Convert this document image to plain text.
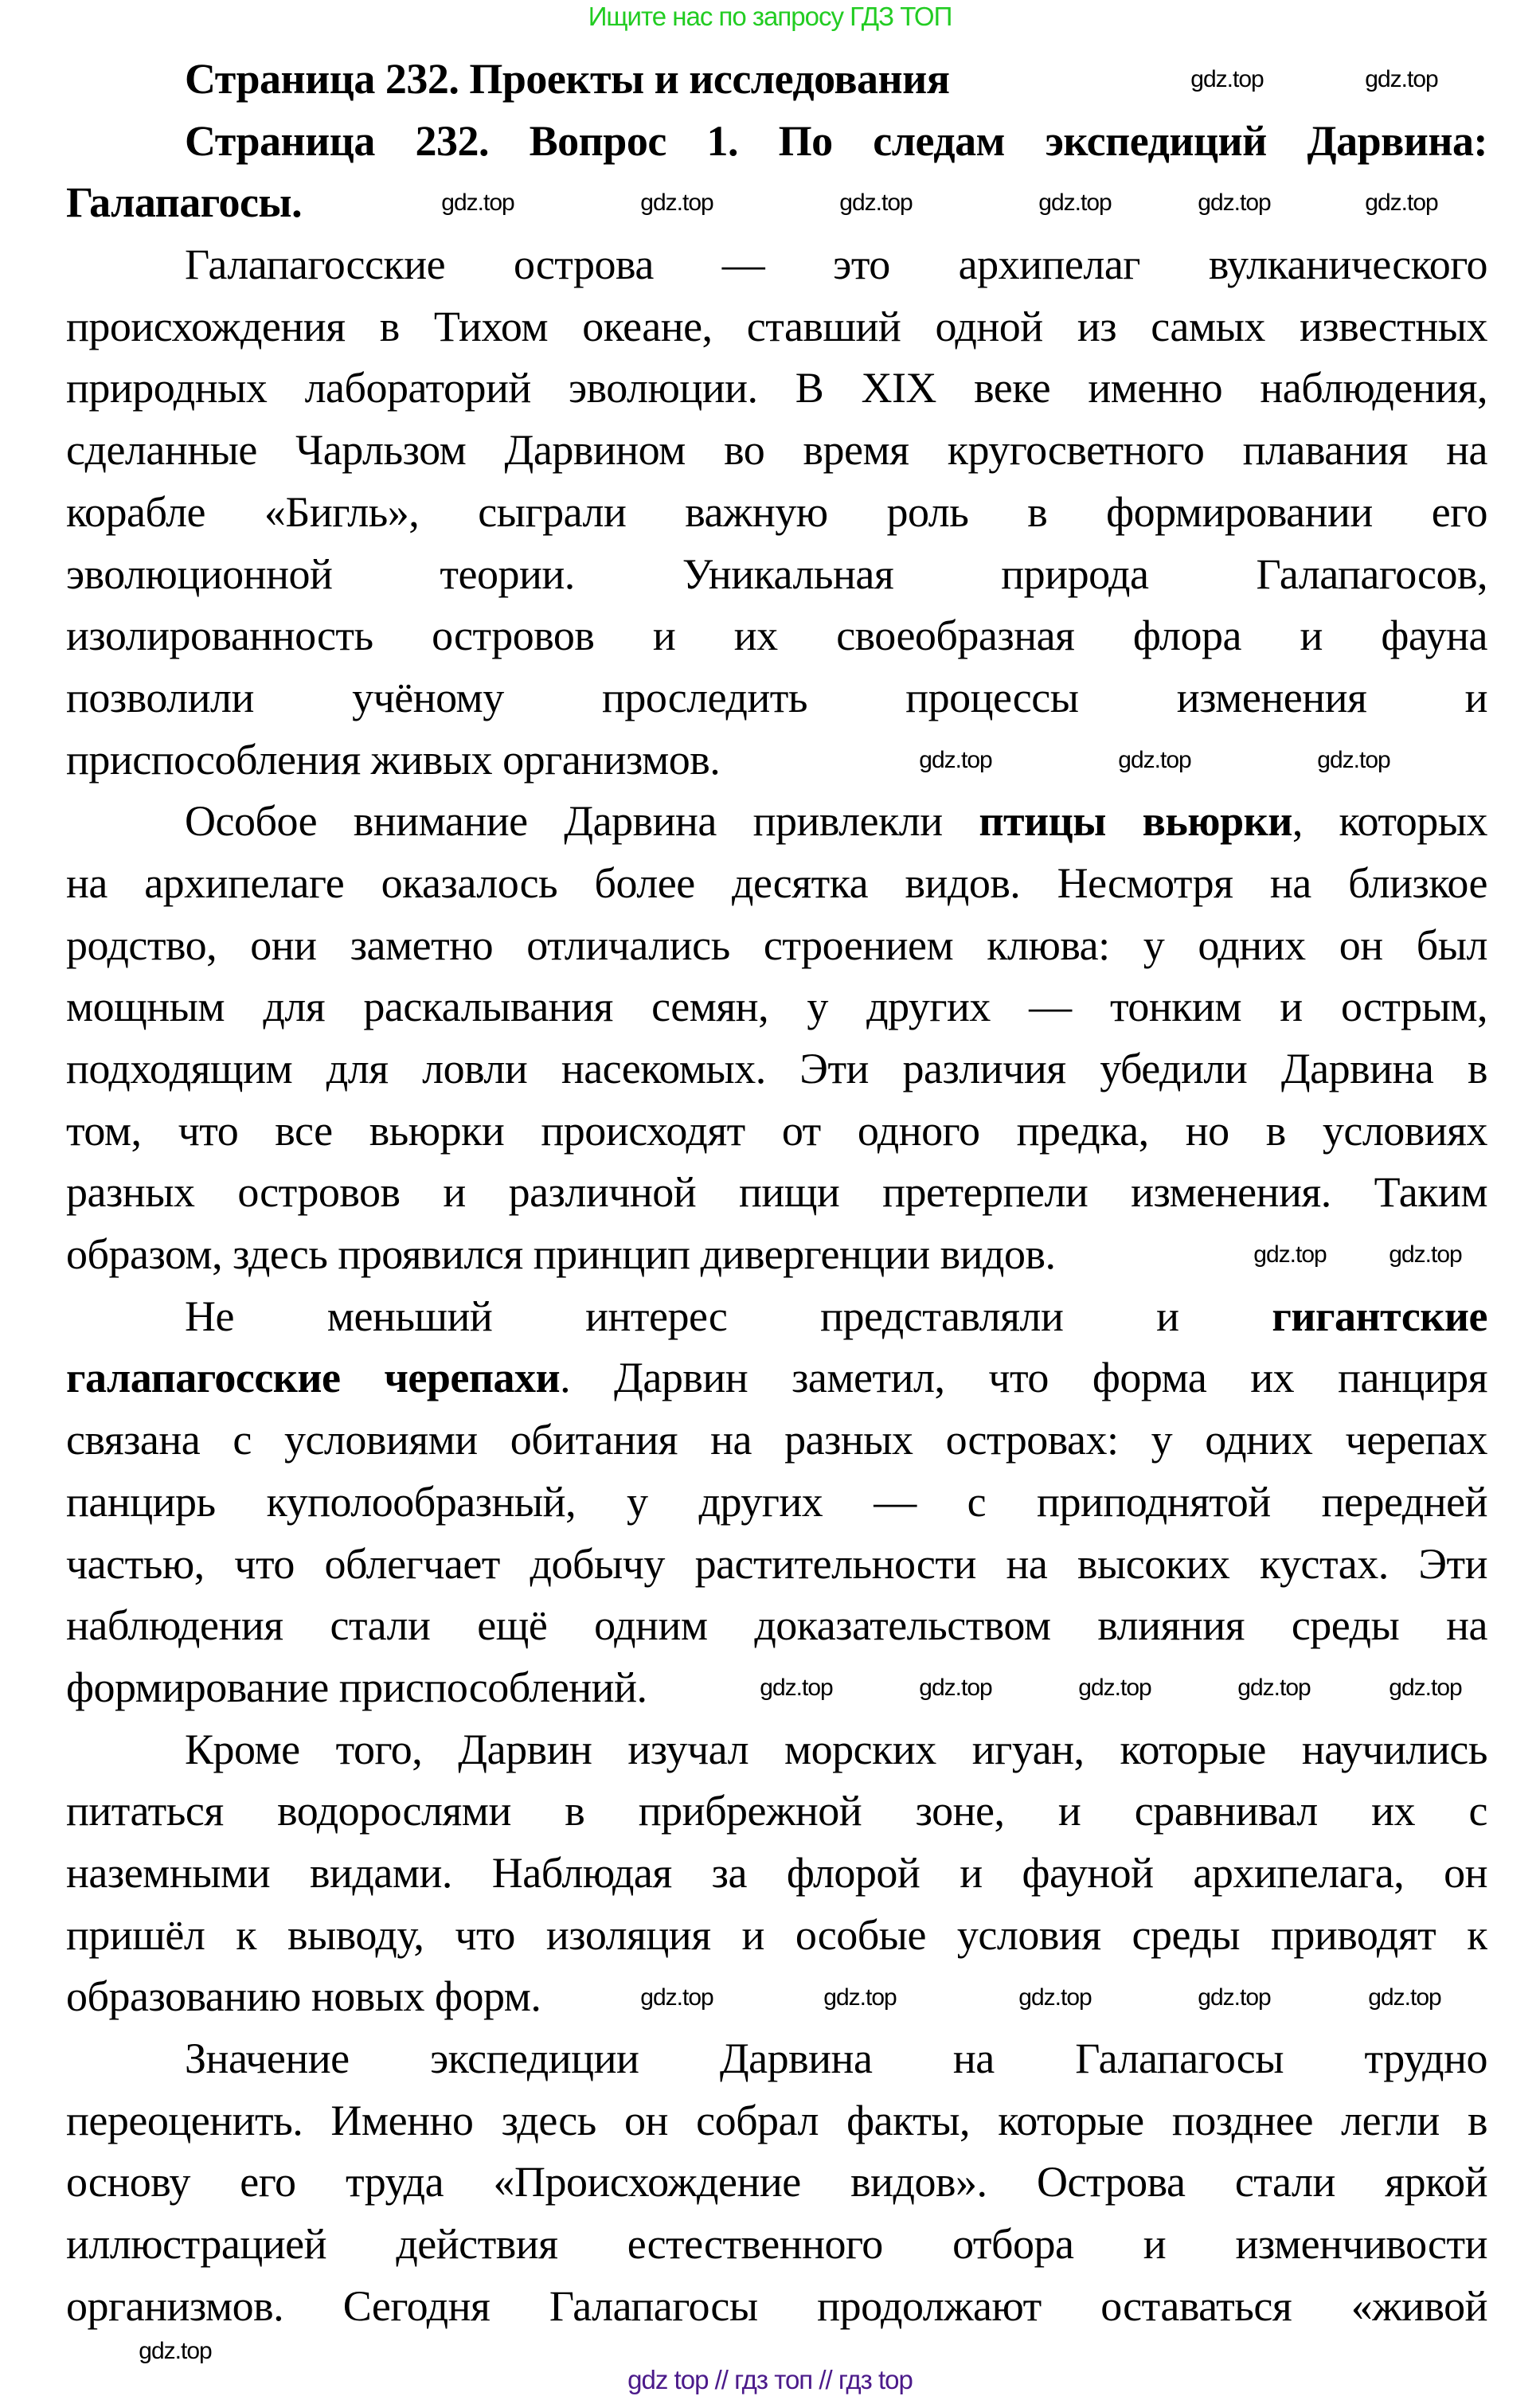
Ищите нас по запросу ГДЗ ТОП
Страница 232. Проекты и исследования
Страница 232. Вопрос 1. По следам экспедиций Дарвина:
Галапагосы.
Галапагосские острова — это архипелаг вулканического
происхождения в Тихом океане, ставший одной из самых известных
природных лабораторий эволюции. В XIX веке именно наблюдения,
сделанные Чарльзом Дарвином во время кругосветного плавания на
корабле «Бигль», сыграли важную роль в формировании его
эволюционной теории. Уникальная природа Галапагосов,
изолированность островов и их своеобразная флора и фауна
позволили учёному проследить процессы изменения и
приспособления живых организмов.
Особое внимание Дарвина привлекли птицы вьюрки, которых
на архипелаге оказалось более десятка видов. Несмотря на близкое
родство, они заметно отличались строением клюва: у одних он был
мощным для раскалывания семян, у других — тонким и острым,
подходящим для ловли насекомых. Эти различия убедили Дарвина в
том, что все вьюрки происходят от одного предка, но в условиях
разных островов и различной пищи претерпели изменения. Таким
образом, здесь проявился принцип дивергенции видов.
Не меньший интерес представляли и гигантские
галапагосские черепахи. Дарвин заметил, что форма их панциря
связана с условиями обитания на разных островах: у одних черепах
панцирь куполообразный, у других — с приподнятой передней
частью, что облегчает добычу растительности на высоких кустах. Эти
наблюдения стали ещё одним доказательством влияния среды на
формирование приспособлений.
Кроме того, Дарвин изучал морских игуан, которые научились
питаться водорослями в прибрежной зоне, и сравнивал их с
наземными видами. Наблюдая за флорой и фауной архипелага, он
пришёл к выводу, что изоляция и особые условия среды приводят к
образованию новых форм.
Значение экспедиции Дарвина на Галапагосы трудно
переоценить. Именно здесь он собрал факты, которые позднее легли в
основу его труда «Происхождение видов». Острова стали яркой
иллюстрацией действия естественного отбора и изменчивости
организмов. Сегодня Галапагосы продолжают оставаться «живой
gdz.top	gdz.top
gdz.top	gdz.top	gdz.top	gdz.top	gdz.top	gdz.top
gdz.top	gdz.top	gdz.top
gdz.top	gdz.top
gdz.top	gdz.top	gdz.top	gdz.top	gdz.top
gdz.top	gdz.top	gdz.top	gdz.top	gdz.top
gdz.top
gdz top // гдз топ // гдз top
